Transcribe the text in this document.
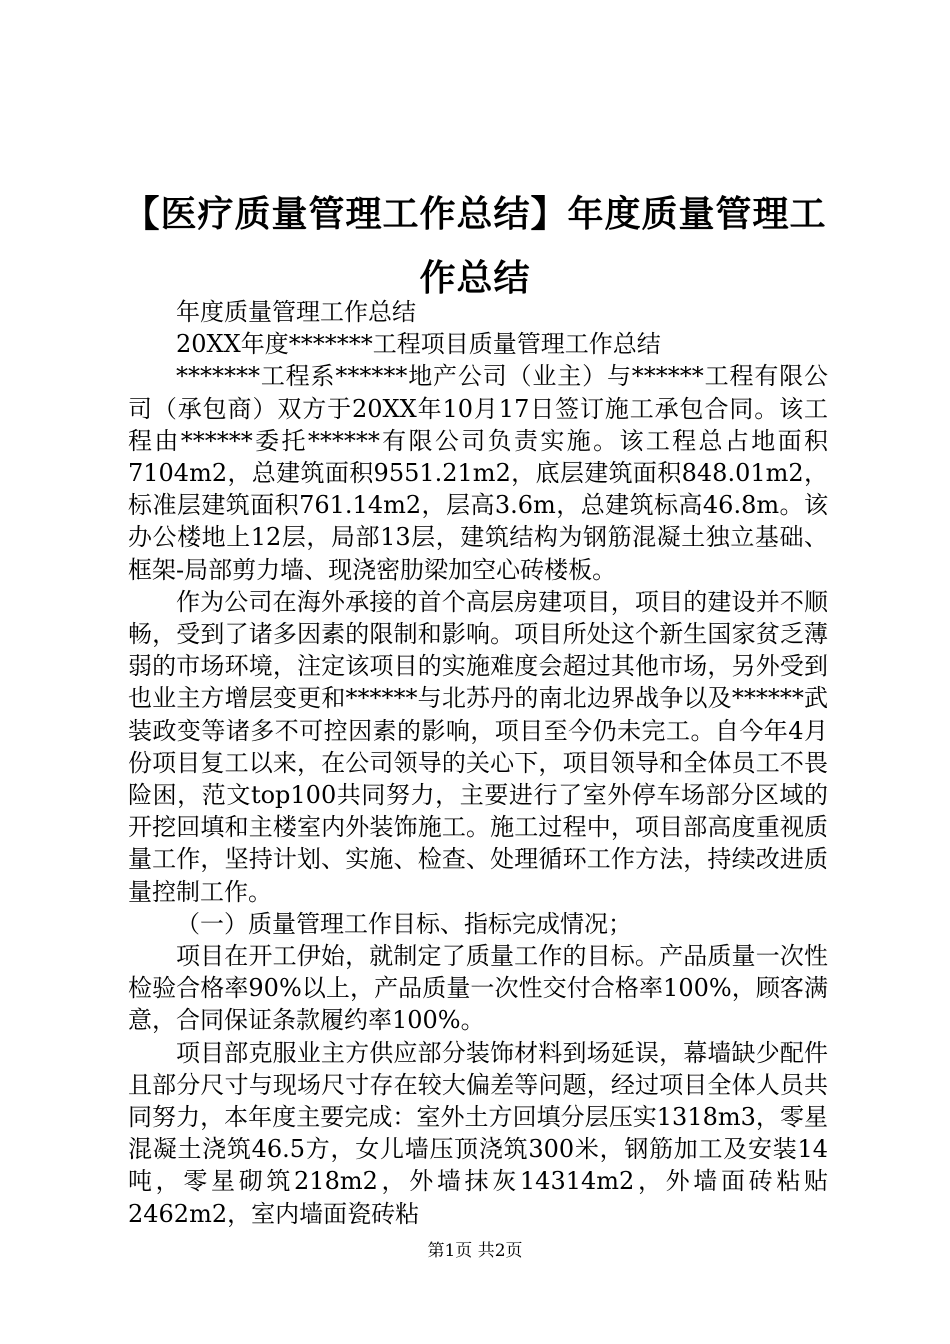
【医疗质量管理工作总结】年度质量管理工作总结

年度质量管理工作总结

20XX年度*******工程项目质量管理工作总结

*******工程系******地产公司（业主）与******工程有限公司（承包商）双方于20XX年10月17日签订施工承包合同。该工程由******委托******有限公司负责实施。该工程总占地面积7104m2，总建筑面积9551.21m2，底层建筑面积848.01m2，标准层建筑面积761.14m2，层高3.6m，总建筑标高46.8m。该办公楼地上12层，局部13层，建筑结构为钢筋混凝土独立基础、框架-局部剪力墙、现浇密肋梁加空心砖楼板。

作为公司在海外承接的首个高层房建项目，项目的建设并不顺畅，受到了诸多因素的限制和影响。项目所处这个新生国家贫乏薄弱的市场环境，注定该项目的实施难度会超过其他市场，另外受到也业主方增层变更和******与北苏丹的南北边界战争以及******武装政变等诸多不可控因素的影响，项目至今仍未完工。自今年4月份项目复工以来，在公司领导的关心下，项目领导和全体员工不畏险困，范文top100共同努力，主要进行了室外停车场部分区域的开挖回填和主楼室内外装饰施工。施工过程中，项目部高度重视质量工作，坚持计划、实施、检查、处理循环工作方法，持续改进质量控制工作。

（一）质量管理工作目标、指标完成情况；

项目在开工伊始，就制定了质量工作的目标。产品质量一次性检验合格率90%以上，产品质量一次性交付合格率100%，顾客满意，合同保证条款履约率100%。

项目部克服业主方供应部分装饰材料到场延误，幕墙缺少配件且部分尺寸与现场尺寸存在较大偏差等问题，经过项目全体人员共同努力，本年度主要完成：室外土方回填分层压实1318m3，零星混凝土浇筑46.5方，女儿墙压顶浇筑300米，钢筋加工及安装14吨，零星砌筑218m2，外墙抹灰14314m2，外墙面砖粘贴2462m2，室内墙面瓷砖粘

第1页 共2页
